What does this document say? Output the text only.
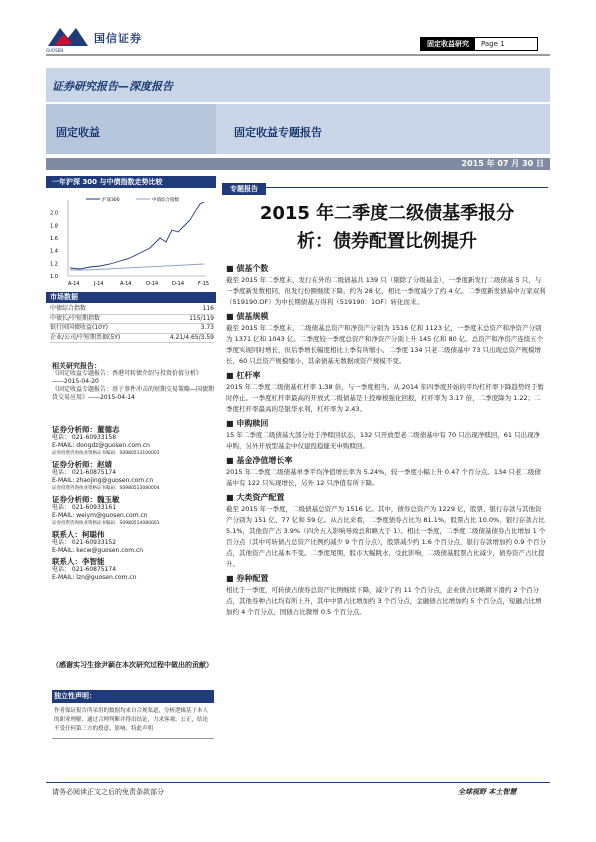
国信证券
GUOSEN
固定收益研究	Page 1
证券研究报告—深度报告
固定收益	固定收益专题报告
2015 年 07 月 30 日
一年沪深 300 与中债指数走势比较
1.0
1.2
1.4
1.6
1.8
2.0
A-14	J-14	A-14	O-14	D-14	F-15
沪深300	中债综合指数
市场数据
中债综合指数	116
中债长/中短期指数	115/119
银行间国债收益(10Y)	3.73
企业/公司/中短期票据(5Y)	4.21/4.65/3.59
相关研究报告：
《固定收益专题报告：香港可转债介绍与投资价值分析》 ——2015-04-20
《固定收益专题报告：基于事件冲击的短期交易策略—国债期货交易应用》——2015-04-14
证券分析师：董德志
电话： 021-60933158
E-MAIL: dongdz@guosen.com.cn
证券投资咨询执业资格证书编码：S0980513100001
证券分析师：赵婧
电话： 021-60875174
E-MAIL: zhaojing@guosen.com.cn
证券投资咨询执业资格证书编码：S0980513080004
证券分析师：魏玉敏
电话： 021-60933161
E-MAIL: weiym@guosen.com.cn
证券投资咨询执业资格证书编码：S0980514080001
联系人：柯聪伟
电话： 021-60933152
E-MAIL: kecw@guosen.com.cn
联系人：李智能
电话： 021-60875174
E-MAIL: lzn@guosen.com.cn
（感谢实习生徐尹颖在本次研究过程中做出的贡献）
独立性声明：
作者保证报告所采用的数据均来自合规渠道，分析逻辑基于本人的职业理解，通过合理判断并得出结论，力求客观、公正，结论不受任何第三方的授意、影响，特此声明
专题报告
2015 年二季度二级债基季报分
析：债券配置比例提升
■ 债基个数

截至 2015 年二季度末，发行在外的二级债基共 139 只（剔除了分级基金），一季度新发行二级债基 5 只，与一季度新发数相同，但发行份额继续下降，约为 28 亿，相比一季度减少了约 4 亿。二季度新发债基中万家双利（519190.OF）为中长期债基万得利（519190：1OF）转化而来。

■ 债基规模

截至 2015 年二季度末，二级债基总资产和净资产分别为 1516 亿和 1123 亿，一季度末总资产和净资产分别为 1371 亿和 1043 亿。二季度较一季度总资产和净资产分别上升 145 亿和 80 亿。总资产和净资产连续五个季度实现同时增长，但后季增长幅度相比上季有所缩小。二季度 134 只老二级债基中 73 只出现总资产规模增长，60 只总资产规模缩小，其余债基无数据或资产规模不变。

■ 杠杆率

2015 年二季度二级债基杠杆率 1.38 倍，与一季度相当。从 2014 年四季度开始的平均杠杆率下降趋势终于暂时停止。一季度杠杆率最高的开放式二级债基是上投摩根强化回报，杠杆率为 3.17 倍，二季度降为 1.22；二季度杠杆率最高的是银华永利，杠杆率为 2.43。

■ 申购赎回

15 年二季度二级债基大部分处于净赎回状态，132 只开放型老二级债基中有 70 只出现净赎回，61 只出现净申购，另外开放型基金中仅建投稳健无申购赎回。

■ 基金净值增长率

2015 年二季度二级债基单季平均净值增长率为 5.24%，较一季度小幅上升 0.47 个百分点。134 只老二级债基中有 122 只实现增长，另外 12 只净值有所下降。

■ 大类资产配置

截至 2015 年一季度，二级债基总资产为 1516 亿。其中，债券总资产为 1229 亿，股票、银行存款与其他资产分别为 151 亿、77 亿和 59 亿。从占比来看，二季度债券占比为 81.1%，股票占比 10.0%，银行存款占比 5.1%，其他资产占 3.9%（四舍五入影响导致总和略大于 1）。相比一季度，二季度二级债基债券占比增加 1 个百分点（其中可转债占总资产比例约减少 9 个百分点），股票减少约 1.6 个百分点，银行存款增加约 0.9 个百分点，其他资产占比基本不变。二季度尾期，股市大幅跳水、受此影响，二级债基股票占比减少，债券资产占比提升。

■ 券种配置

相比于一季度，可转债占债券总资产比例继续下降，减少了约 11 个百分点，企业债占比略微下滑约 2 个百分点，其他券种占比均有所上升，其中中票占比增加约 3 个百分点，金融债占比增加约 5 个百分点，短融占比增加约 4 个百分点，国债占比微增 0.5 个百分点。

请务必阅读正文之后的免责条款部分	全球视野 本土智慧
